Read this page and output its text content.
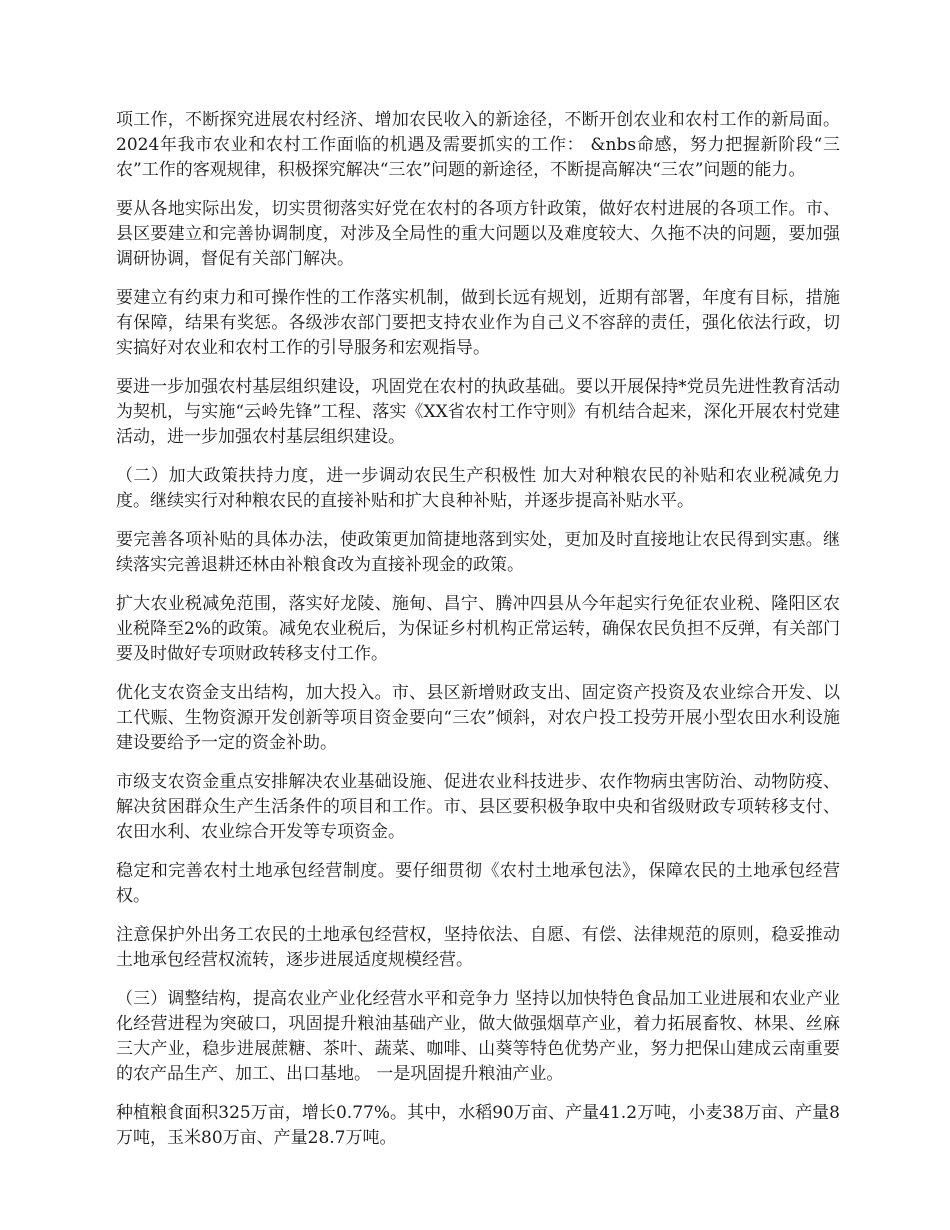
项工作，不断探究进展农村经济、增加农民收入的新途径，不断开创农业和农村工作的新局面。 2024年我市农业和农村工作面临的机遇及需要抓实的工作： &nbs命感，努力把握新阶段“三农”工作的客观规律，积极探究解决“三农”问题的新途径，不断提高解决“三农”问题的能力。

要从各地实际出发，切实贯彻落实好党在农村的各项方针政策，做好农村进展的各项工作。市、县区要建立和完善协调制度，对涉及全局性的重大问题以及难度较大、久拖不决的问题，要加强调研协调，督促有关部门解决。

要建立有约束力和可操作性的工作落实机制，做到长远有规划，近期有部署，年度有目标，措施有保障，结果有奖惩。各级涉农部门要把支持农业作为自己义不容辞的责任，强化依法行政，切实搞好对农业和农村工作的引导服务和宏观指导。

要进一步加强农村基层组织建设，巩固党在农村的执政基础。要以开展保持*党员先进性教育活动为契机，与实施“云岭先锋”工程、落实《XX省农村工作守则》有机结合起来，深化开展农村党建活动，进一步加强农村基层组织建设。

（二）加大政策扶持力度，进一步调动农民生产积极性 加大对种粮农民的补贴和农业税减免力度。继续实行对种粮农民的直接补贴和扩大良种补贴，并逐步提高补贴水平。

要完善各项补贴的具体办法，使政策更加简捷地落到实处，更加及时直接地让农民得到实惠。继续落实完善退耕还林由补粮食改为直接补现金的政策。

扩大农业税减免范围，落实好龙陵、施甸、昌宁、腾冲四县从今年起实行免征农业税、隆阳区农业税降至2%的政策。减免农业税后，为保证乡村机构正常运转，确保农民负担不反弹，有关部门要及时做好专项财政转移支付工作。

优化支农资金支出结构，加大投入。市、县区新增财政支出、固定资产投资及农业综合开发、以工代赈、生物资源开发创新等项目资金要向“三农”倾斜，对农户投工投劳开展小型农田水利设施建设要给予一定的资金补助。

市级支农资金重点安排解决农业基础设施、促进农业科技进步、农作物病虫害防治、动物防疫、解决贫困群众生产生活条件的项目和工作。市、县区要积极争取中央和省级财政专项转移支付、农田水利、农业综合开发等专项资金。

稳定和完善农村土地承包经营制度。要仔细贯彻《农村土地承包法》，保障农民的土地承包经营权。

注意保护外出务工农民的土地承包经营权，坚持依法、自愿、有偿、法律规范的原则，稳妥推动土地承包经营权流转，逐步进展适度规模经营。

（三）调整结构，提高农业产业化经营水平和竞争力 坚持以加快特色食品加工业进展和农业产业化经营进程为突破口，巩固提升粮油基础产业，做大做强烟草产业，着力拓展畜牧、林果、丝麻三大产业，稳步进展蔗糖、茶叶、蔬菜、咖啡、山葵等特色优势产业，努力把保山建成云南重要的农产品生产、加工、出口基地。 一是巩固提升粮油产业。

种植粮食面积325万亩，增长0.77%。其中，水稻90万亩、产量41.2万吨，小麦38万亩、产量8万吨，玉米80万亩、产量28.7万吨。
